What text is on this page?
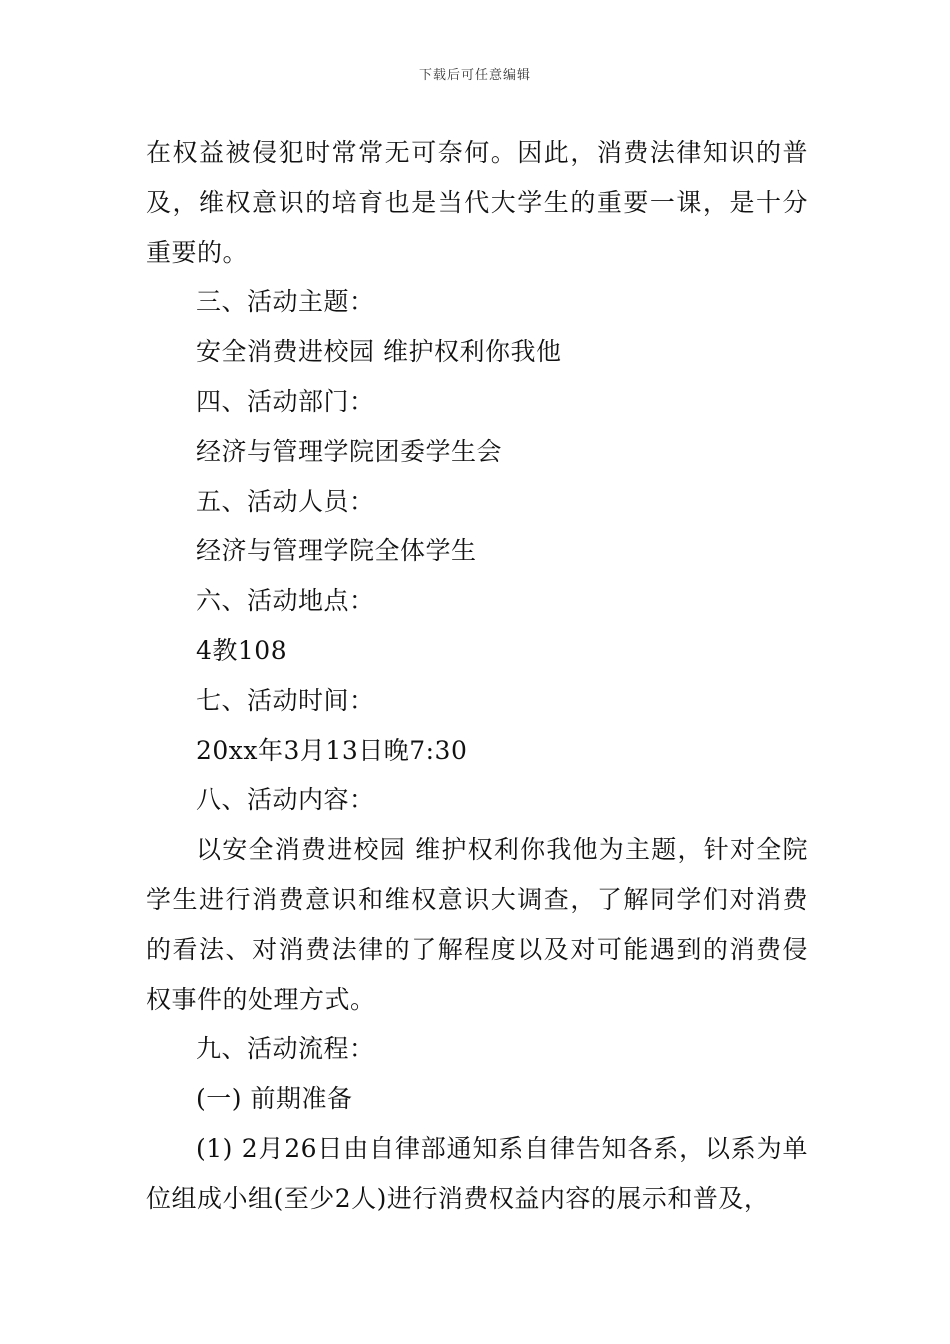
下载后可任意编辑

在权益被侵犯时常常无可奈何。因此，消费法律知识的普及，维权意识的培育也是当代大学生的重要一课，是十分重要的。

三、活动主题：

安全消费进校园 维护权利你我他

四、活动部门：

经济与管理学院团委学生会

五、活动人员：

经济与管理学院全体学生

六、活动地点：

4教108

七、活动时间：

20xx年3月13日晚7:30

八、活动内容：

以安全消费进校园 维护权利你我他为主题，针对全院学生进行消费意识和维权意识大调查，了解同学们对消费的看法、对消费法律的了解程度以及对可能遇到的消费侵权事件的处理方式。

九、活动流程：

(一) 前期准备

(1) 2月26日由自律部通知系自律告知各系，以系为单位组成小组(至少2人)进行消费权益内容的展示和普及，
